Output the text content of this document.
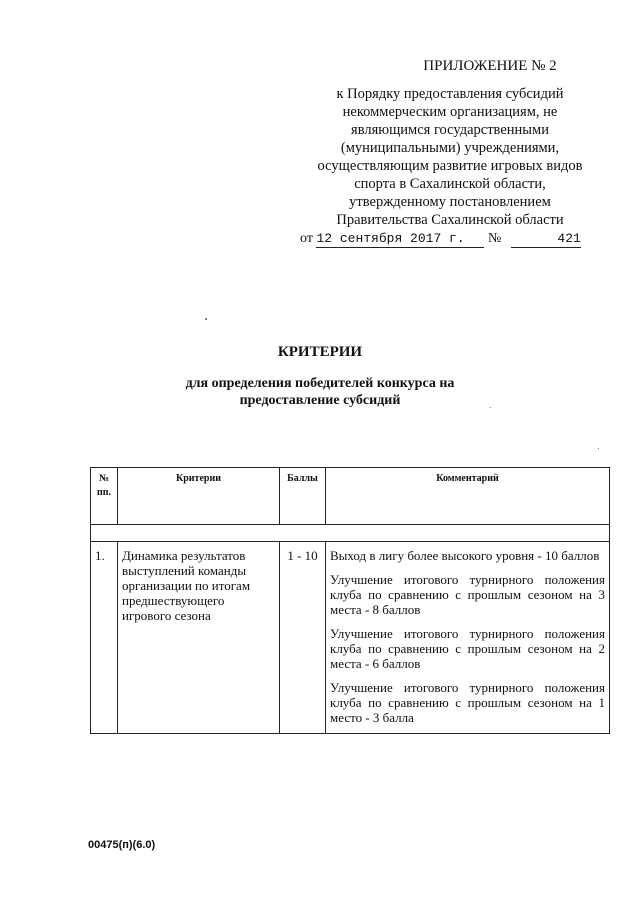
ПРИЛОЖЕНИЕ № 2
к Порядку предоставления субсидий
некоммерческим организациям, не
являющимся государственными
(муниципальными) учреждениями,
осуществляющим развитие игровых видов
спорта в Сахалинской области,
утвержденному постановлением
Правительства Сахалинской области
от 12 сентября 2017 г. №	421
КРИТЕРИИ
для определения победителей конкурса на
предоставление субсидий
№ пп.	Критерии	Баллы	Комментарий

1.	Динамика результатов выступлений команды организации по итогам предшествующего игрового сезона	1 - 10	Выход в лигу более высокого уровня - 10 баллов
Улучшение итогового турнирного положения клуба по сравнению с прошлым сезоном на 3 места - 8 баллов
Улучшение итогового турнирного положения клуба по сравнению с прошлым сезоном на 2 места - 6 баллов
Улучшение итогового турнирного положения клуба по сравнению с прошлым сезоном на 1 место - 3 балла
00475(п)(6.0)
